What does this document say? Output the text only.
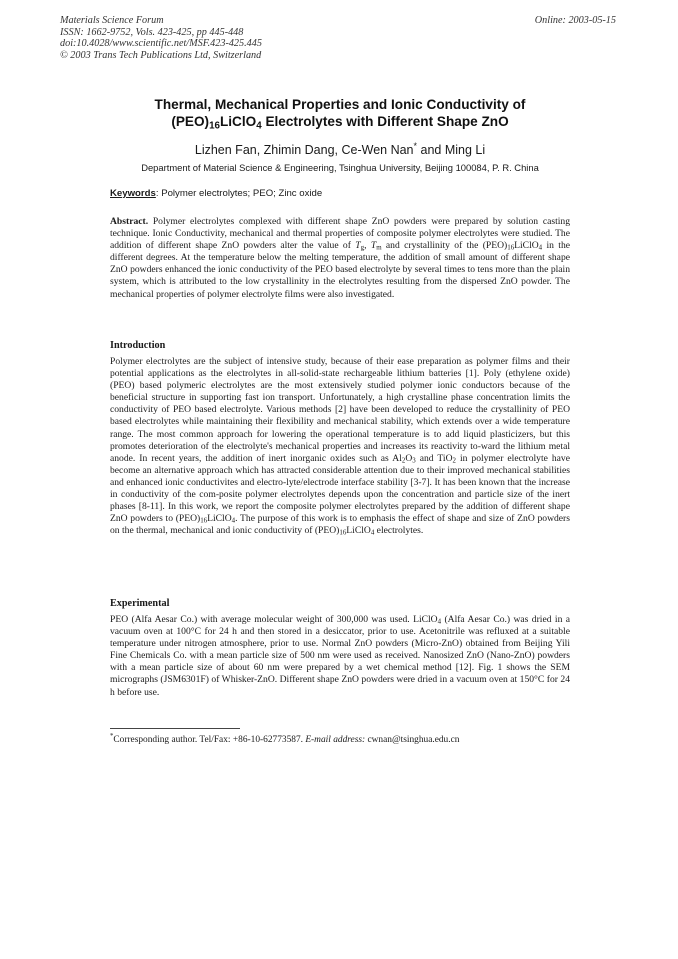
Materials Science Forum
ISSN: 1662-9752, Vols. 423-425, pp 445-448
doi:10.4028/www.scientific.net/MSF.423-425.445
© 2003 Trans Tech Publications Ltd, Switzerland
Online: 2003-05-15
Thermal, Mechanical Properties and Ionic Conductivity of
$(PEO)_{16}LiClO_4$ Electrolytes with Different Shape ZnO
Lizhen Fan, Zhimin Dang, Ce-Wen Nan* and Ming Li
Department of Material Science & Engineering, Tsinghua University, Beijing 100084, P. R. China
Keywords: Polymer electrolytes; PEO; Zinc oxide

Abstract. Polymer electrolytes complexed with different shape ZnO powders were prepared by solution casting technique. Ionic Conductivity, mechanical and thermal properties of composite polymer electrolytes were studied. The addition of different shape ZnO powders alter the value of $T_g$, $T_m$ and crystallinity of the $(PEO)_{16}LiClO_4$ in the different degrees. At the temperature below the melting temperature, the addition of small amount of different shape ZnO powders enhanced the ionic conductivity of the PEO based electrolyte by several times to tens more than the plain system, which is attributed to the low crystallinity in the electrolytes resulting from the dispersed ZnO powder. The mechanical properties of polymer electrolyte films were also investigated.

Introduction

Polymer electrolytes are the subject of intensive study, because of their ease preparation as polymer films and their potential applications as the electrolytes in all-solid-state rechargeable lithium batteries [1]. Poly (ethylene oxide) (PEO) based polymeric electrolytes are the most extensively studied polymer ionic conductors because of the beneficial structure in supporting fast ion transport. Unfortunately, a high crystalline phase concentration limits the conductivity of PEO based electrolyte. Various methods [2] have been developed to reduce the crystallinity of PEO based electrolytes while maintaining their flexibility and mechanical stability, which extends over a wide temperature range. The most common approach for lowering the operational temperature is to add liquid plasticizers, but this promotes deterioration of the electrolyte's mechanical properties and increases its reactivity to-ward the lithium metal anode. In recent years, the addition of inert inorganic oxides such as $Al_2O_3$ and TiO$_2$ in polymer electrolyte have become an alternative approach which has attracted considerable attention due to their improved mechanical stabilities and enhanced ionic conductivites and electro-lyte/electrode interface stability [3-7]. It has been known that the increase in conductivity of the com-posite polymer electrolytes depends upon the concentration and particle size of the inert phases [8-11]. In this work, we report the composite polymer electrolytes prepared by the addition of different shape ZnO powders to $(PEO)_{16}LiClO_4$. The purpose of this work is to emphasis the effect of shape and size of ZnO powders on the thermal, mechanical and ionic conductivity of $(PEO)_{16}LiClO_4$ electrolytes.

Experimental

PEO (Alfa Aesar Co.) with average molecular weight of 300,000 was used. LiClO$_4$ (Alfa Aesar Co.) was dried in a vacuum oven at 100°C for 24 h and then stored in a desiccator, prior to use. Acetonitrile was refluxed at a suitable temperature under nitrogen atmosphere, prior to use. Normal ZnO powders (Micro-ZnO) obtained from Beijing Yili Fine Chemicals Co. with a mean particle size of 500 nm were used as received. Nanosized ZnO (Nano-ZnO) powders with a mean particle size of about 60 nm were prepared by a wet chemical method [12]. Fig. 1 shows the SEM micrographs (JSM6301F) of Whisker-ZnO. Different shape ZnO powders were dried in a vacuum oven at 150°C for 24 h before use.

*Corresponding author. Tel/Fax: +86-10-62773587. E-mail address: cwnan@tsinghua.edu.cn
